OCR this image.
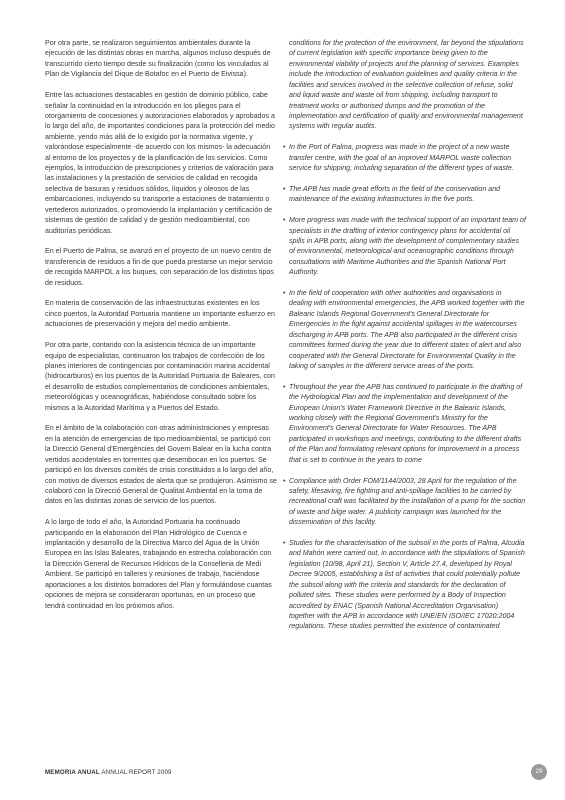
Por otra parte, se realizaron seguimientos ambientales durante la ejecución de las distintas obras en marcha, algunos incluso después de transcurrido cierto tiempo desde su finalización (como los vinculados al Plan de Vigilancia del Dique de Botafoc en el Puerto de Eivissa).

Entre las actuaciones destacables en gestión de dominio público, cabe señalar la continuidad en la introducción en los pliegos para el otorgamiento de concesiones y autorizaciones elaborados y aprobados a lo largo del año, de importantes condiciones para la protección del medio ambiente, yendo más allá de lo exigido por la normativa vigente, y valorándose especialmente -de acuerdo con los mismos- la adecuación al entorno de los proyectos y de la planificación de los servicios. Como ejemplos, la introducción de prescripciones y criterios de valoración para las instalaciones y la prestación de servicios de calidad en recogida selectiva de basuras y residuos sólidos, líquidos y oleosos de las embarcaciones, incluyendo su transporte a estaciones de tratamiento o vertederos autorizados, o promoviendo la implantación y certificación de sistemas de gestión de calidad y de gestión medioambiental, con auditorías periódicas.

En el Puerto de Palma, se avanzó en el proyecto de un nuevo centro de transferencia de residuos a fin de que pueda prestarse un mejor servicio de recogida MARPOL a los buques, con separación de los distintos tipos de residuos.

En materia de conservación de las infraestructuras existentes en los cinco puertos, la Autoridad Portuaria mantiene un importante esfuerzo en actuaciones de preservación y mejora del medio ambiente.

Por otra parte, contando con la asistencia técnica de un importante equipo de especialistas, continuaron los trabajos de confección de los planes interiores de contingencias por contaminación marina accidental (hidrocarburos) en los puertos de la Autoridad Portuaria de Baleares, con el desarrollo de estudios complementarios de condiciones ambientales, meteorológicas y oceanográficas, habiéndose consultado sobre los mismos a la Autoridad Marítima y a Puertos del Estado.

En el ámbito de la colaboración con otras administraciones y empresas en la atención de emergencias de tipo medioambiental, se participó con la Direcció General d'Emergències del Govern Balear en la lucha contra vertidos accidentales en torrentes que desembocan en los puertos. Se participó en los diversos comités de crisis constituidos a lo largo del año, con motivo de diversos estados de alerta que se produjeron. Asimismo se colaboró con la Direcció General de Qualitat Ambiental en la toma de datos en las distintas zonas de servicio de los puertos.

A lo largo de todo el año, la Autoridad Portuaria ha continuado participando en la elaboración del Plan Hidrológico de Cuenca e implantación y desarrollo de la Directiva Marco del Agua de la Unión Europea en las Islas Baleares, trabajando en estrecha colaboración con la Dirección General de Recursos Hídricos de la Conselleria de Medi Ambient. Se participó en talleres y reuniones de trabajo, haciéndose aportaciones a los distintos borradores del Plan y formulándose cuantas opciones de mejora se consideraron oportunas, en un proceso que tendrá continuidad en los próximos años.

conditions for the protection of the environment, far beyond the stipulations of current legislation with specific importance being given to the environmental viability of projects and the planning of services. Examples include the introduction of evaluation guidelines and quality criteria in the facilities and services involved in the selective collection of refuse, solid and liquid waste and waste oil from shipping, including transport to treatment works or authorised dumps and the promotion of the implementation and certification of quality and environmental management systems with regular audits.

• In the Port of Palma, progress was made in the project of a new waste transfer centre, with the goal of an improved MARPOL waste collection service for shipping, including separation of the different types of waste.

• The APB has made great efforts in the field of the conservation and maintenance of the existing infrastructures in the five ports.

• More progress was made with the technical support of an important team of specialists in the drafting of interior contingency plans for accidental oil spills in APB ports, along with the development of complementary studies of environmental, meteorological and oceanographic conditions through consultations with Maritime Authorities and the Spanish National Port Authority.

• In the field of cooperation with other authorities and organisations in dealing with environmental emergencies, the APB worked together with the Balearic Islands Regional Government's General Directorate for Emergencies in the fight against accidental spillages in the watercourses discharging in APB ports. The APB also participated in the different crisis committees formed during the year due to different states of alert and also cooperated with the General Directorate for Environmental Quality in the taking of samples in the different service areas of the ports.

• Throughout the year the APB has continued to participate in the drafting of the Hydrological Plan and the implementation and development of the European Union's Water Framework Directive in the Balearic Islands, working closely with the Regional Government's Ministry for the Environment's General Directorate for Water Resources. The APB participated in workshops and meetings, contributing to the different drafts of the Plan and formulating relevant options for improvement in a process that is set to continue in the years to come

• Compliance with Order FOM/1144/2003, 28 April for the regulation of the safety, lifesaving, fire fighting and anti-spillage facilities to be carried by recreational craft was facilitated by the installation of a pump for the suction of waste and bilge water. A publicity campaign was launched for the dissemination of this facility.

• Studies for the characterisation of the subsoil in the ports of Palma, Alcudia and Mahón were carried out, in accordance with the stipulations of Spanish legislation (10/98, April 21), Section V, Article 27.4, developed by Royal Decree 9/2005, establishing a list of activities that could potentially pollute the subsoil along with the criteria and standards for the declaration of polluted sites. These studies were performed by a Body of Inspection accredited by ENAC (Spanish National Accreditation Organisation) together with the APB in accordance with UNE/EN ISO/IEC 17020:2004 regulations. These studies permitted the existence of contaminated

MEMORIA ANUAL ANNUAL REPORT 2009	29
